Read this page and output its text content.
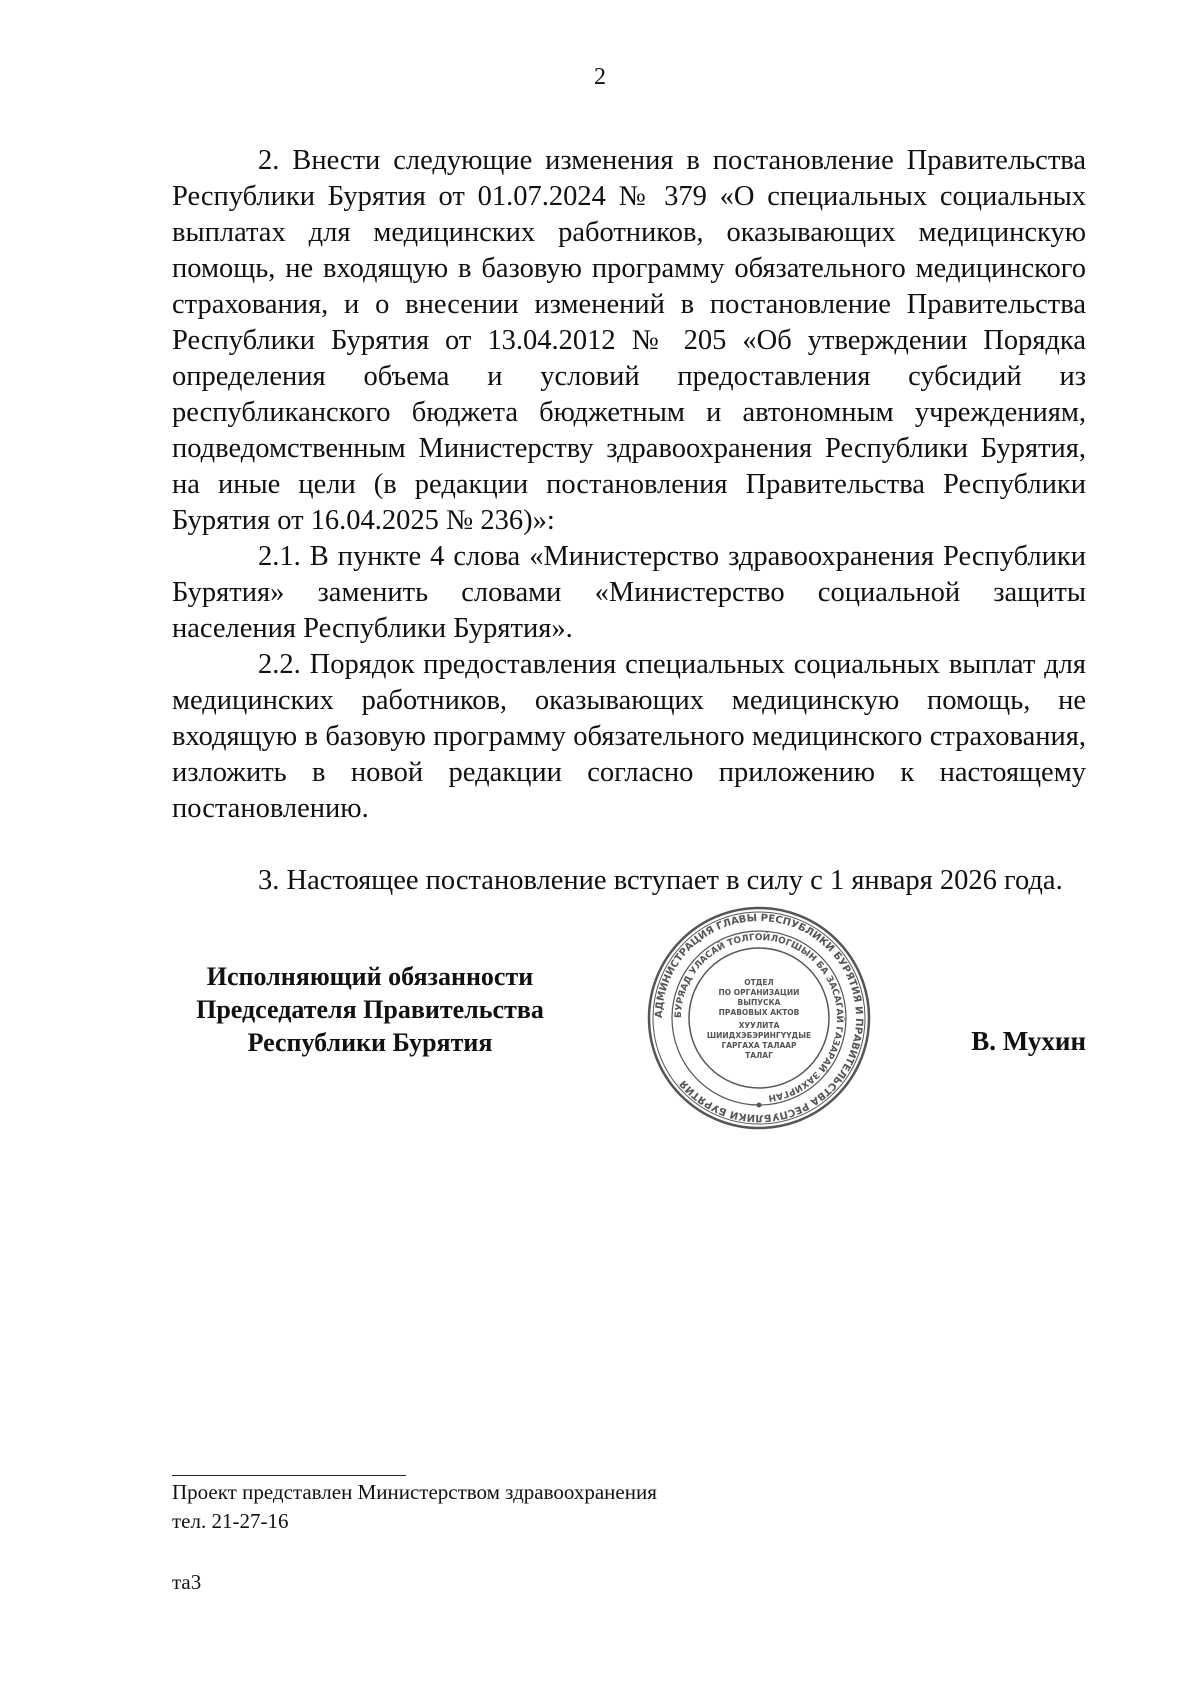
2

2. Внести следующие изменения в постановление Правительства Республики Бурятия от 01.07.2024 № 379 «О специальных социальных выплатах для медицинских работников, оказывающих медицинскую помощь, не входящую в базовую программу обязательного медицинского страхования, и о внесении изменений в постановление Правительства Республики Бурятия от 13.04.2012 № 205 «Об утверждении Порядка определения объема и условий предоставления субсидий из республиканского бюджета бюджетным и автономным учреждениям, подведомственным Министерству здравоохранения Республики Бурятия, на иные цели (в редакции постановления Правительства Республики Бурятия от 16.04.2025 № 236)»:

2.1. В пункте 4 слова «Министерство здравоохранения Республики Бурятия» заменить словами «Министерство социальной защиты населения Республики Бурятия».

2.2. Порядок предоставления специальных социальных выплат для медицинских работников, оказывающих медицинскую помощь, не входящую в базовую программу обязательного медицинского страхования, изложить в новой редакции согласно приложению к настоящему постановлению.

3. Настоящее постановление вступает в силу с 1 января 2026 года.

Исполняющий обязанности
Председателя Правительства
Республики Бурятия
АДМИНИСТРАЦИЯ ГЛАВЫ РЕСПУБЛИКИ БУРЯТИЯ И ПРАВИТЕЛЬСТВА РЕСПУБЛИКИ БУРЯТИЯ
БУРЯАД УЛАСАЙ ТОЛГОЙЛОГШЫН БА ЗАСАГАЙ ГАЗАРАЙ ЗАХИРГАН
ОТДЕЛ
ПО ОРГАНИЗАЦИИ
ВЫПУСКА
ПРАВОВЫХ АКТОВ
ХУУЛИТА
ШИИДХЭБЭРИНГҮҮДЫЕ
ГАРГАХА ТАЛААР
ТАЛАГ	В. Мухин
Проект представлен Министерством здравоохранения
тел. 21-27-16
та3
